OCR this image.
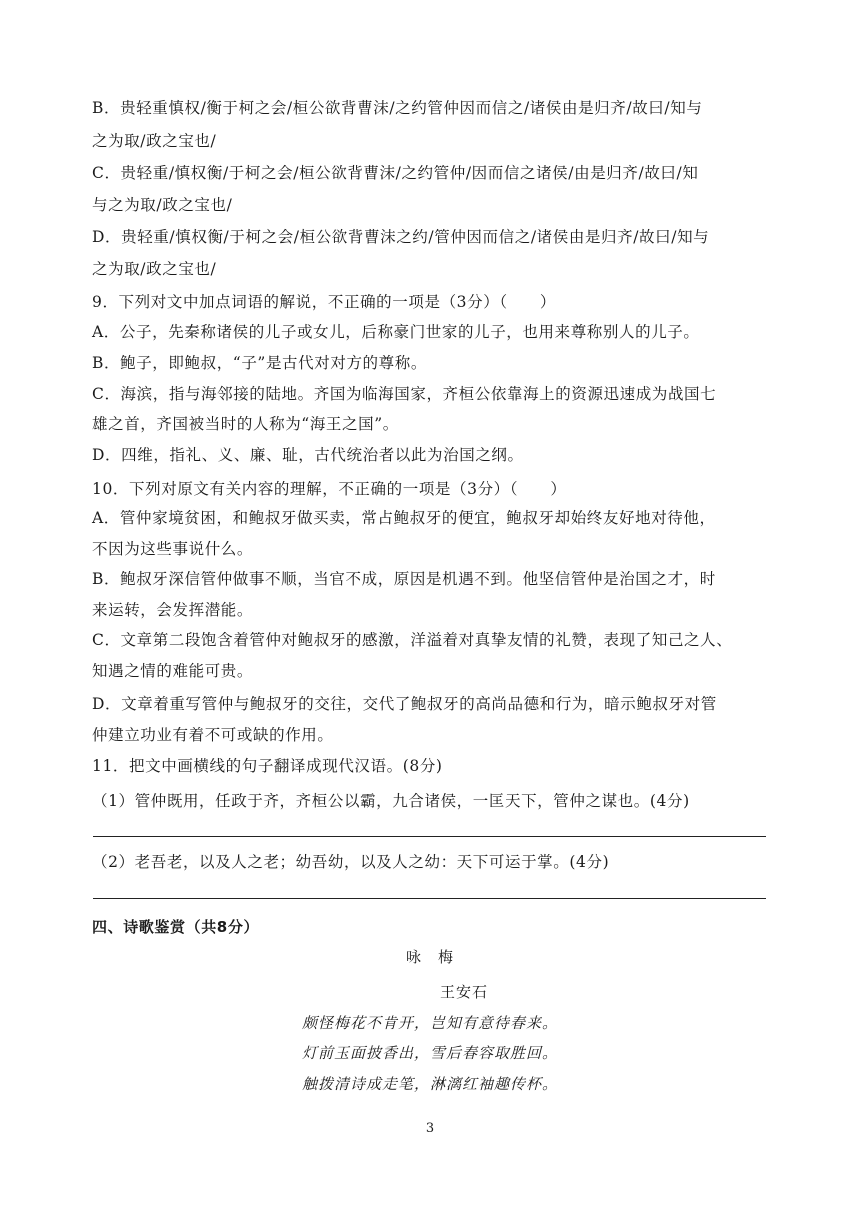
B．贵轻重慎权/衡于柯之会/桓公欲背曹沫/之约管仲因而信之/诸侯由是归齐/故曰/知与
之为取/政之宝也/
C．贵轻重/慎权衡/于柯之会/桓公欲背曹沫/之约管仲/因而信之诸侯/由是归齐/故曰/知
与之为取/政之宝也/
D．贵轻重/慎权衡/于柯之会/桓公欲背曹沫之约/管仲因而信之/诸侯由是归齐/故曰/知与
之为取/政之宝也/
9．下列对文中加点词语的解说，不正确的一项是（3分）（　　）
A．公子，先秦称诸侯的儿子或女儿，后称豪门世家的儿子，也用来尊称别人的儿子。
B．鲍子，即鲍叔，“子”是古代对对方的尊称。
C．海滨，指与海邻接的陆地。齐国为临海国家，齐桓公依靠海上的资源迅速成为战国七
雄之首，齐国被当时的人称为“海王之国”。
D．四维，指礼、义、廉、耻，古代统治者以此为治国之纲。
10．下列对原文有关内容的理解，不正确的一项是（3分）（　　）
A．管仲家境贫困，和鲍叔牙做买卖，常占鲍叔牙的便宜，鲍叔牙却始终友好地对待他，
不因为这些事说什么。
B．鲍叔牙深信管仲做事不顺，当官不成，原因是机遇不到。他坚信管仲是治国之才，时
来运转，会发挥潜能。
C．文章第二段饱含着管仲对鲍叔牙的感激，洋溢着对真挚友情的礼赞，表现了知己之人、
知遇之情的难能可贵。
D．文章着重写管仲与鲍叔牙的交往，交代了鲍叔牙的高尚品德和行为，暗示鲍叔牙对管
仲建立功业有着不可或缺的作用。
11．把文中画横线的句子翻译成现代汉语。(8分)
（1）管仲既用，任政于齐，齐桓公以霸，九合诸侯，一匡天下，管仲之谋也。(4分)
（2）老吾老，以及人之老；幼吾幼，以及人之幼：天下可运于掌。(4分)
四、诗歌鉴赏（共8分）
咏　梅
王安石
颇怪梅花不肯开，岂知有意待春来。
灯前玉面披香出，雪后春容取胜回。
触拨清诗成走笔，淋漓红袖趣传杯。
3
